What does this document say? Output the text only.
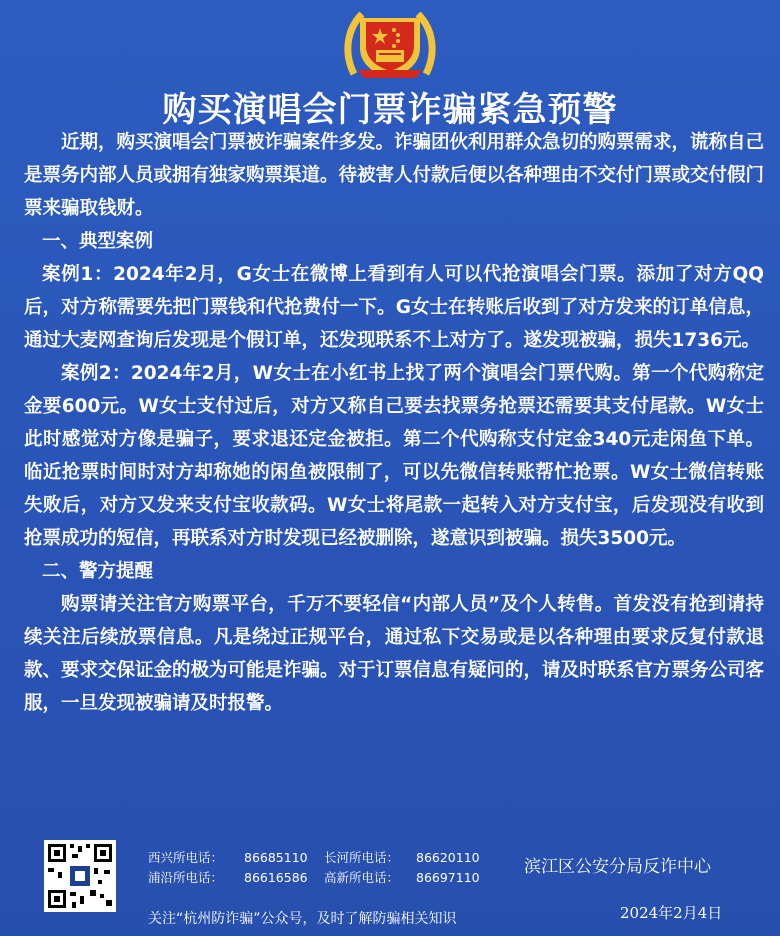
购买演唱会门票诈骗紧急预警

近期，购买演唱会门票被诈骗案件多发。诈骗团伙利用群众急切的购票需求，谎称自己是票务内部人员或拥有独家购票渠道。待被害人付款后便以各种理由不交付门票或交付假门票来骗取钱财。

一、典型案例

案例1：2024年2月，G女士在微博上看到有人可以代抢演唱会门票。添加了对方QQ后，对方称需要先把门票钱和代抢费付一下。G女士在转账后收到了对方发来的订单信息，通过大麦网查询后发现是个假订单，还发现联系不上对方了。遂发现被骗，损失1736元。

案例2：2024年2月，W女士在小红书上找了两个演唱会门票代购。第一个代购称定金要600元。W女士支付过后，对方又称自己要去找票务抢票还需要其支付尾款。W女士此时感觉对方像是骗子，要求退还定金被拒。第二个代购称支付定金340元走闲鱼下单。临近抢票时间时对方却称她的闲鱼被限制了，可以先微信转账帮忙抢票。W女士微信转账失败后，对方又发来支付宝收款码。W女士将尾款一起转入对方支付宝，后发现没有收到抢票成功的短信，再联系对方时发现已经被删除，遂意识到被骗。损失3500元。

二、警方提醒

购票请关注官方购票平台，千万不要轻信“内部人员”及个人转售。首发没有抢到请持续关注后续放票信息。凡是绕过正规平台，通过私下交易或是以各种理由要求反复付款退款、要求交保证金的极为可能是诈骗。对于订票信息有疑问的，请及时联系官方票务公司客服，一旦发现被骗请及时报警。

西兴所电话： 86685110 长河所电话： 86620110
浦沿所电话： 86616586 高新所电话： 86697110
关注“杭州防诈骗”公众号，及时了解防骗相关知识
滨江区公安分局反诈中心
2024年2月4日
